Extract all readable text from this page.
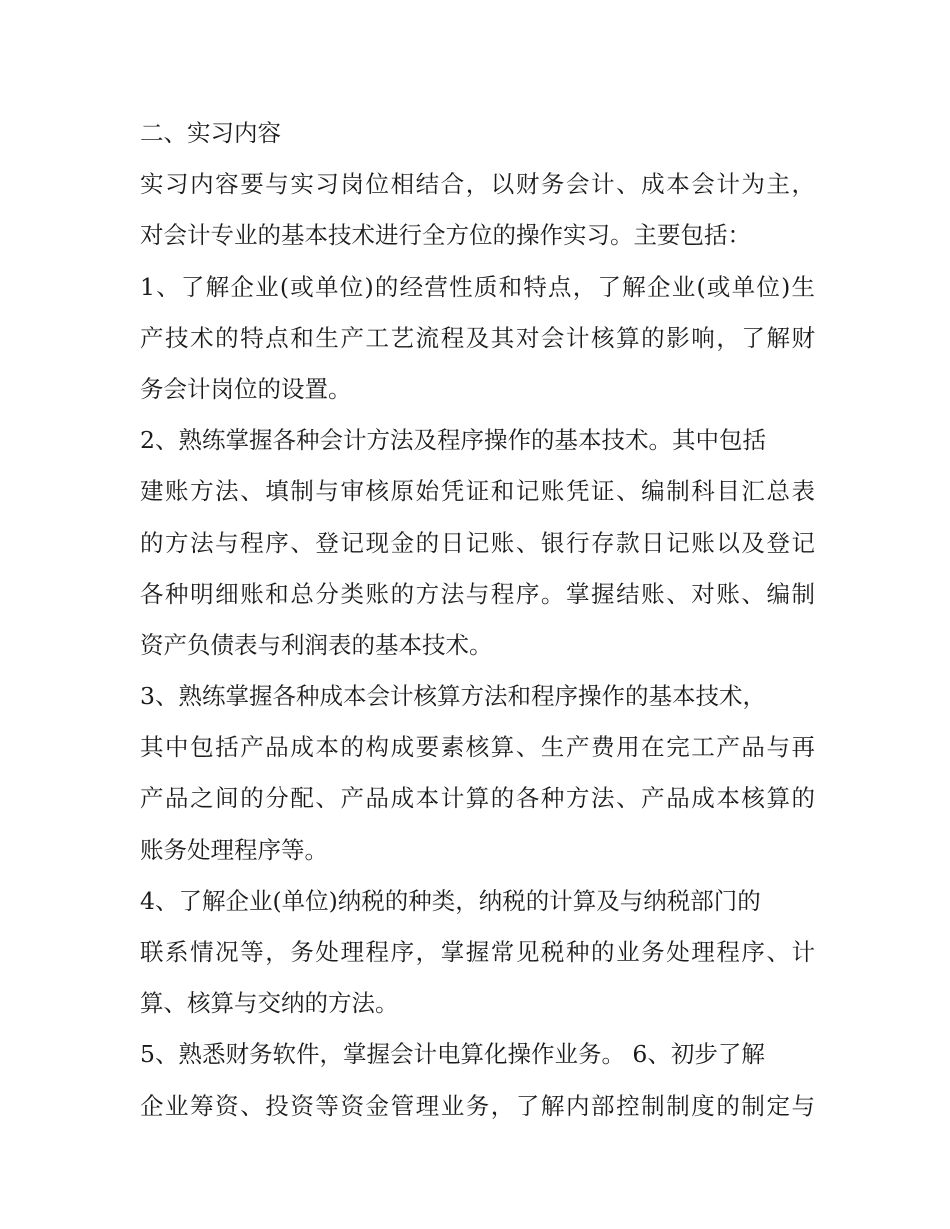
二、实习内容
实习内容要与实习岗位相结合，以财务会计、成本会计为主，
对会计专业的基本技术进行全方位的操作实习。主要包括：
1、了解企业(或单位)的经营性质和特点，了解企业(或单位)生
产技术的特点和生产工艺流程及其对会计核算的影响，了解财
务会计岗位的设置。
2、熟练掌握各种会计方法及程序操作的基本技术。其中包括
建账方法、填制与审核原始凭证和记账凭证、编制科目汇总表
的方法与程序、登记现金的日记账、银行存款日记账以及登记
各种明细账和总分类账的方法与程序。掌握结账、对账、编制
资产负债表与利润表的基本技术。
3、熟练掌握各种成本会计核算方法和程序操作的基本技术，
其中包括产品成本的构成要素核算、生产费用在完工产品与再
产品之间的分配、产品成本计算的各种方法、产品成本核算的
账务处理程序等。
4、了解企业(单位)纳税的种类，纳税的计算及与纳税部门的
联系情况等，务处理程序，掌握常见税种的业务处理程序、计
算、核算与交纳的方法。
5、熟悉财务软件，掌握会计电算化操作业务。 6、初步了解
企业筹资、投资等资金管理业务，了解内部控制制度的制定与
